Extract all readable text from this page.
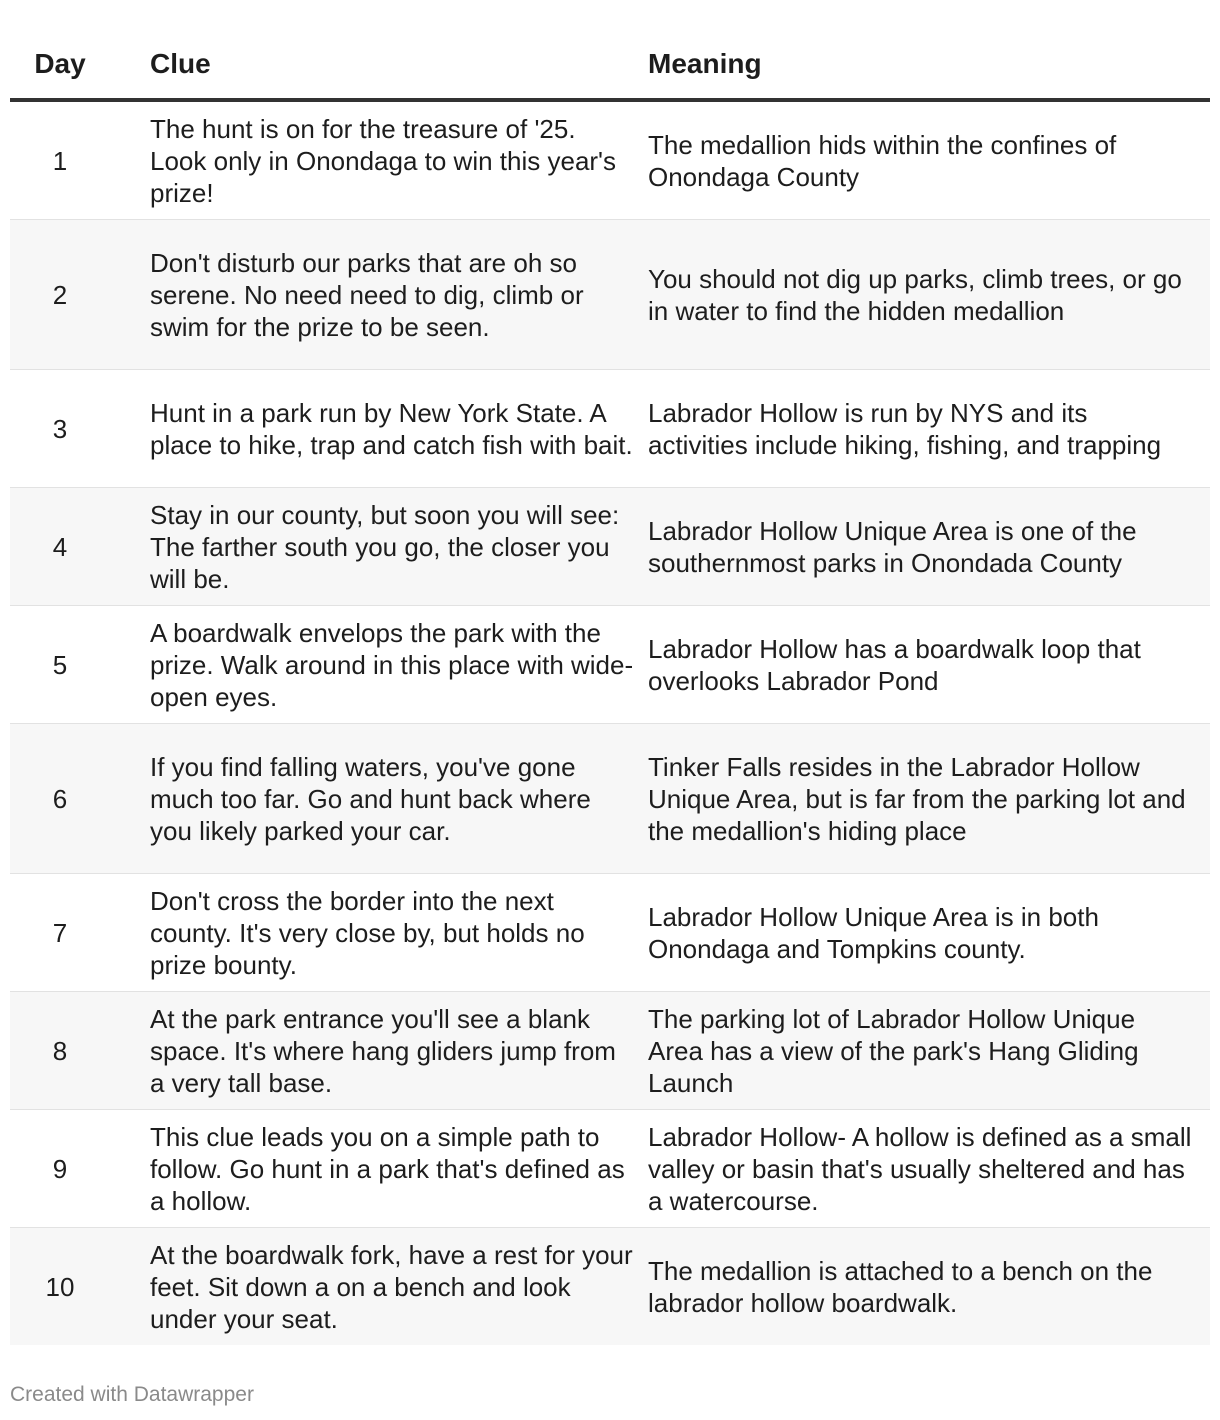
Day	Clue	Meaning
1	The hunt is on for the treasure of '25. Look only in Onondaga to win this year's prize!	The medallion hids within the confines of Onondaga County
2	Don't disturb our parks that are oh so serene. No need need to dig, climb or swim for the prize to be seen.	You should not dig up parks, climb trees, or go in water to find the hidden medallion
3	Hunt in a park run by New York State. A place to hike, trap and catch fish with bait.	Labrador Hollow is run by NYS and its activities include hiking, fishing, and trapping
4	Stay in our county, but soon you will see: The farther south you go, the closer you will be.	Labrador Hollow Unique Area is one of the southernmost parks in Onondada County
5	A boardwalk envelops the park with the prize. Walk around in this place with wide-open eyes.	Labrador Hollow has a boardwalk loop that overlooks Labrador Pond
6	If you find falling waters, you've gone much too far. Go and hunt back where you likely parked your car.	Tinker Falls resides in the Labrador Hollow Unique Area, but is far from the parking lot and the medallion's hiding place
7	Don't cross the border into the next county. It's very close by, but holds no prize bounty.	Labrador Hollow Unique Area is in both Onondaga and Tompkins county.
8	At the park entrance you'll see a blank space. It's where hang gliders jump from a very tall base.	The parking lot of Labrador Hollow Unique Area has a view of the park's Hang Gliding Launch
9	This clue leads you on a simple path to follow. Go hunt in a park that's defined as a hollow.	Labrador Hollow- A hollow is defined as a small valley or basin that's usually sheltered and has a watercourse.
10	At the boardwalk fork, have a rest for your feet. Sit down a on a bench and look under your seat.	The medallion is attached to a bench on the labrador hollow boardwalk.
Created with Datawrapper
